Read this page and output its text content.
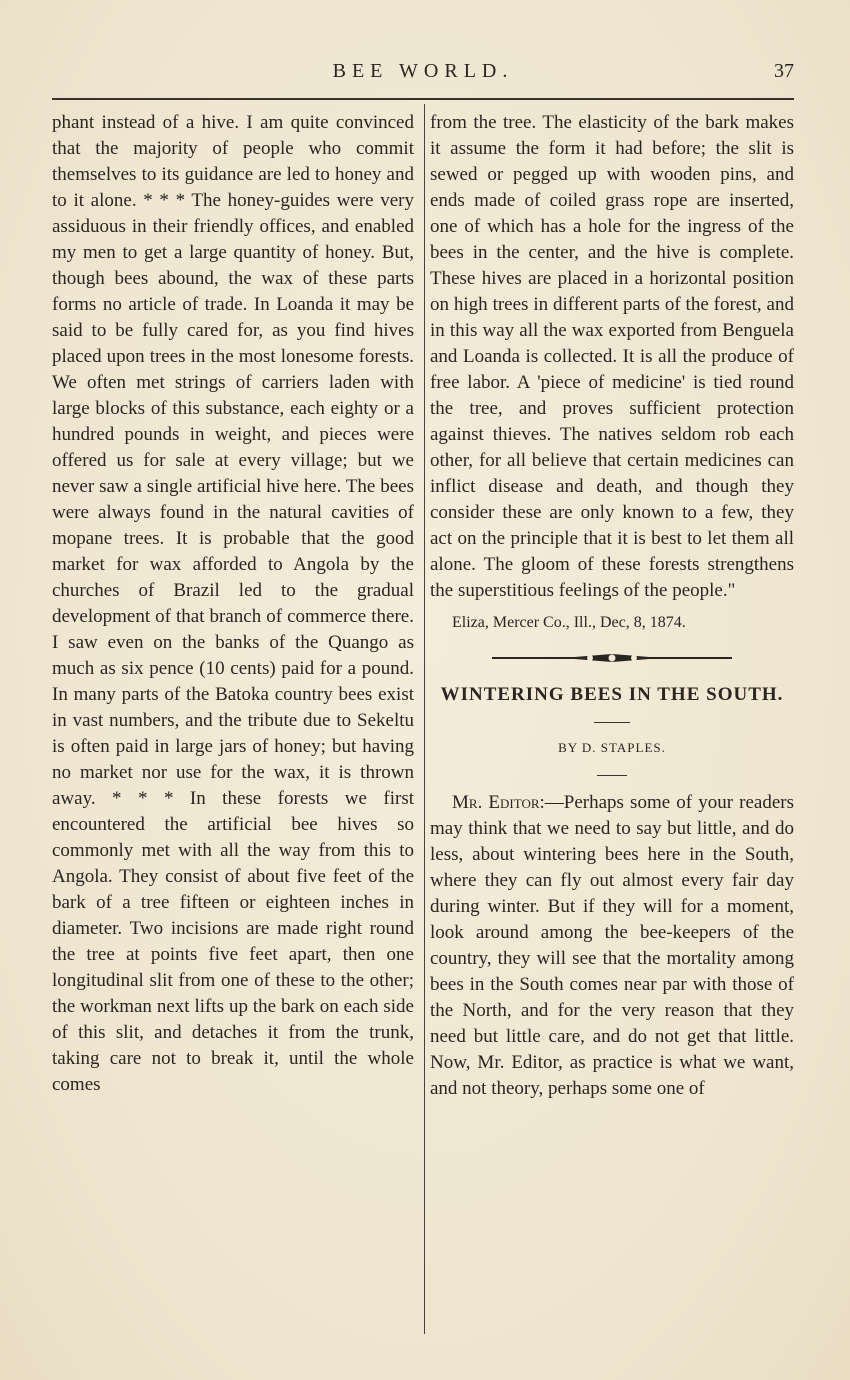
BEE WORLD.	37

phant instead of a hive. I am quite convinced that the majority of people who commit themselves to its guidance are led to honey and to it alone. * * * The honey-guides were very assiduous in their friendly offices, and enabled my men to get a large quantity of honey. But, though bees abound, the wax of these parts forms no article of trade. In Loanda it may be said to be fully cared for, as you find hives placed upon trees in the most lonesome forests. We often met strings of carriers laden with large blocks of this substance, each eighty or a hundred pounds in weight, and pieces were offered us for sale at every village; but we never saw a single artificial hive here. The bees were always found in the natural cavities of mopane trees. It is probable that the good market for wax afforded to Angola by the churches of Brazil led to the gradual development of that branch of commerce there. I saw even on the banks of the Quango as much as six pence (10 cents) paid for a pound. In many parts of the Batoka country bees exist in vast numbers, and the tribute due to Sekeltu is often paid in large jars of honey; but having no market nor use for the wax, it is thrown away. * * * In these forests we first encountered the artificial bee hives so commonly met with all the way from this to Angola. They consist of about five feet of the bark of a tree fifteen or eighteen inches in diameter. Two incisions are made right round the tree at points five feet apart, then one longitudinal slit from one of these to the other; the workman next lifts up the bark on each side of this slit, and detaches it from the trunk, taking care not to break it, until the whole comes

from the tree. The elasticity of the bark makes it assume the form it had before; the slit is sewed or pegged up with wooden pins, and ends made of coiled grass rope are inserted, one of which has a hole for the ingress of the bees in the center, and the hive is complete. These hives are placed in a horizontal position on high trees in different parts of the forest, and in this way all the wax exported from Benguela and Loanda is collected. It is all the produce of free labor. A 'piece of medicine' is tied round the tree, and proves sufficient protection against thieves. The natives seldom rob each other, for all believe that certain medicines can inflict disease and death, and though they consider these are only known to a few, they act on the principle that it is best to let them all alone. The gloom of these forests strengthens the superstitious feelings of the people."

Eliza, Mercer Co., Ill., Dec, 8, 1874.

WINTERING BEES IN THE SOUTH.

BY D. STAPLES.

Mr. Editor:—Perhaps some of your readers may think that we need to say but little, and do less, about wintering bees here in the South, where they can fly out almost every fair day during winter. But if they will for a moment, look around among the bee-keepers of the country, they will see that the mortality among bees in the South comes near par with those of the North, and for the very reason that they need but little care, and do not get that little. Now, Mr. Editor, as practice is what we want, and not theory, perhaps some one of
